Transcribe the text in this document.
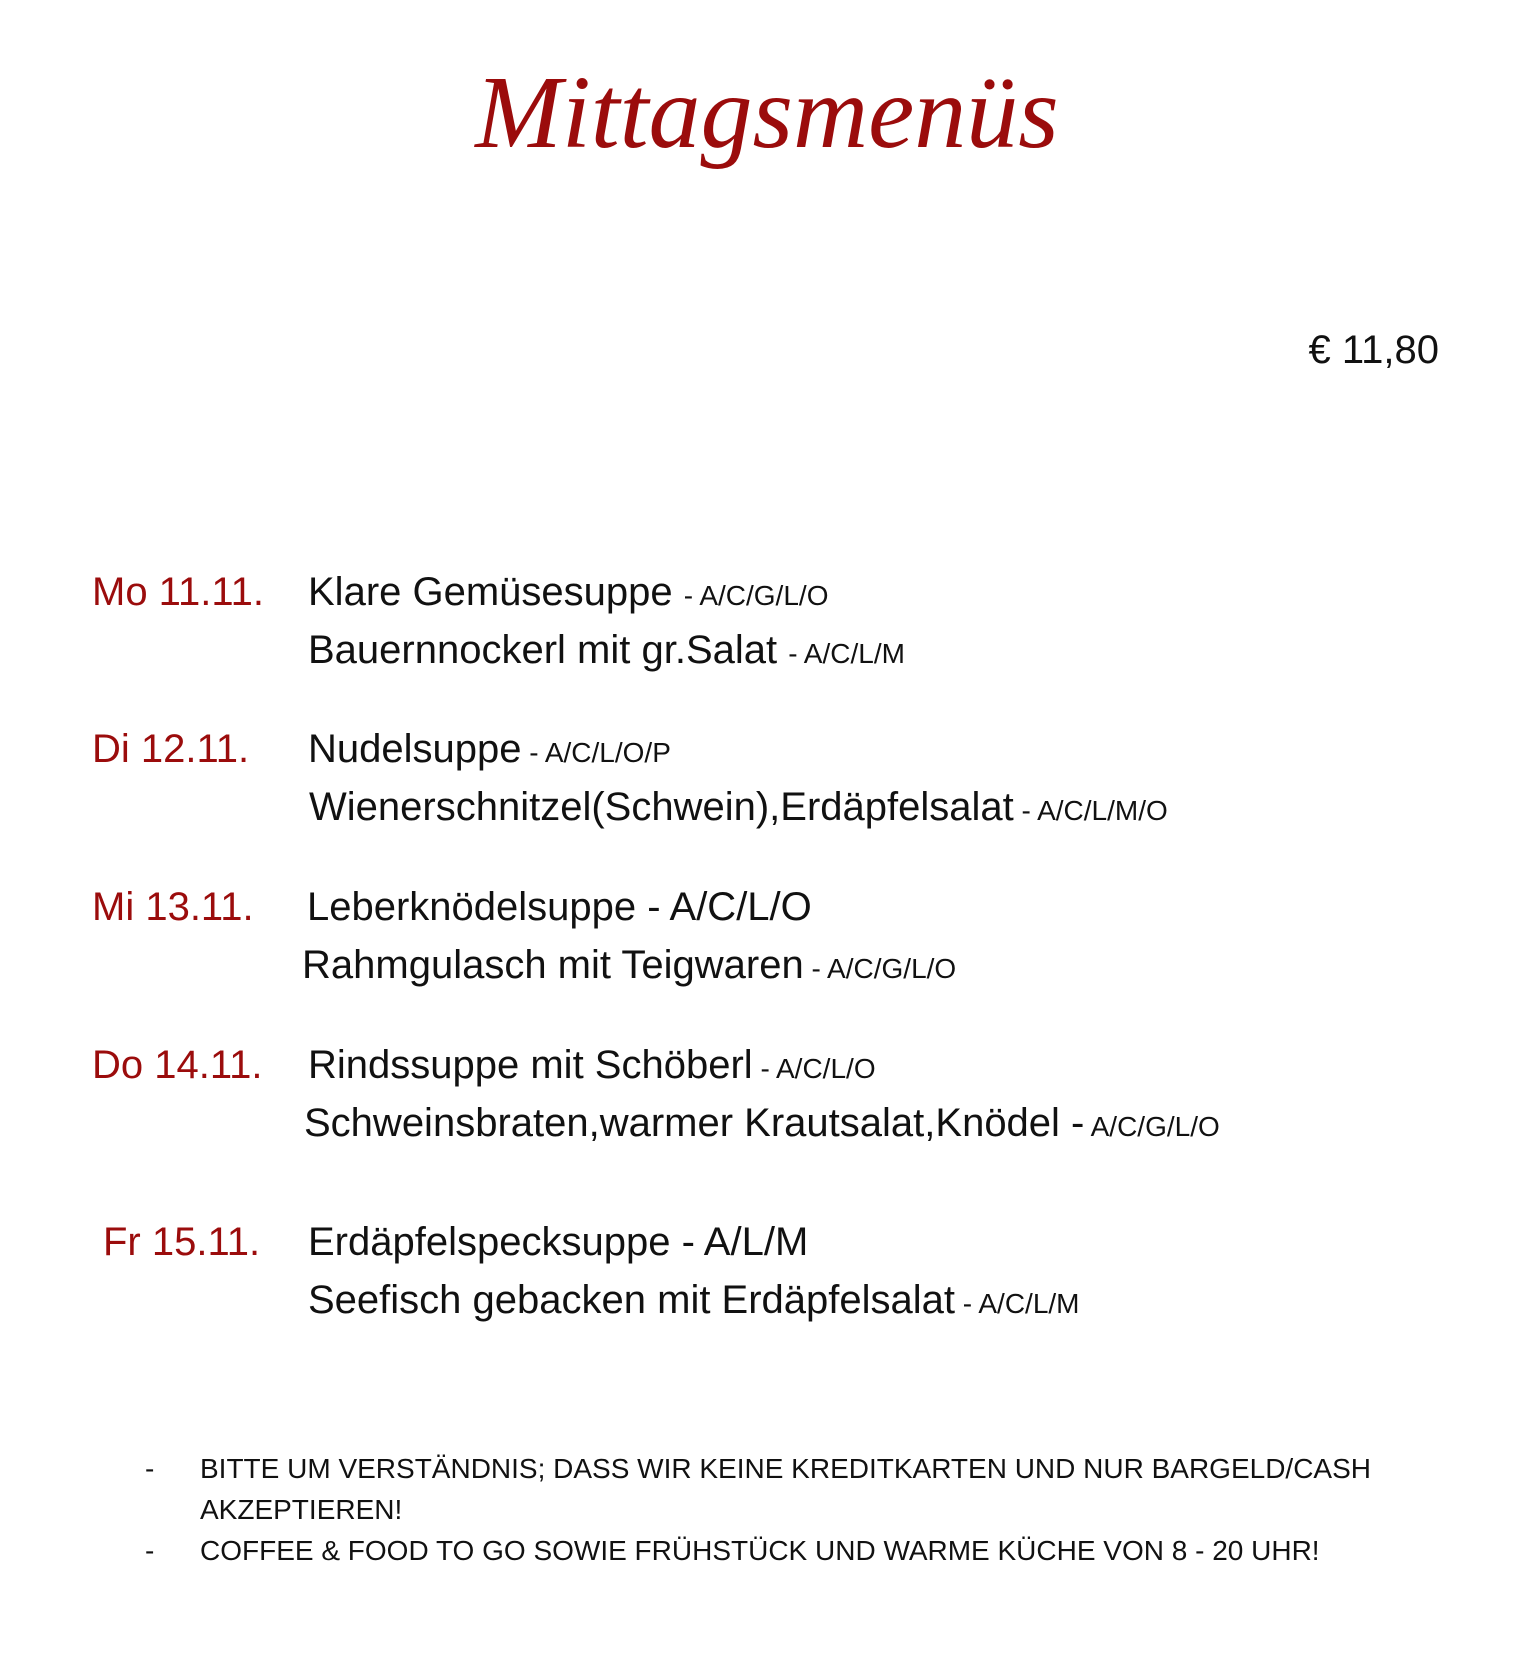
Mittagsmenüs
€ 11,80
Mo 11.11. Klare Gemüsesuppe - A/C/G/L/O
Bauernnockerl mit gr.Salat - A/C/L/M
Di 12.11. Nudelsuppe - A/C/L/O/P
Wienerschnitzel(Schwein),Erdäpfelsalat - A/C/L/M/O
Mi 13.11. Leberknödelsuppe - A/C/L/O
Rahmgulasch mit Teigwaren - A/C/G/L/O
Do 14.11. Rindssuppe mit Schöberl - A/C/L/O
Schweinsbraten,warmer Krautsalat,Knödel - A/C/G/L/O
Fr 15.11. Erdäpfelspecksuppe - A/L/M
Seefisch gebacken mit Erdäpfelsalat - A/C/L/M
- BITTE UM VERSTÄNDNIS; DASS WIR KEINE KREDITKARTEN UND NUR BARGELD/CASH AKZEPTIEREN!
- COFFEE & FOOD TO GO SOWIE FRÜHSTÜCK UND WARME KÜCHE VON 8 - 20 UHR!
